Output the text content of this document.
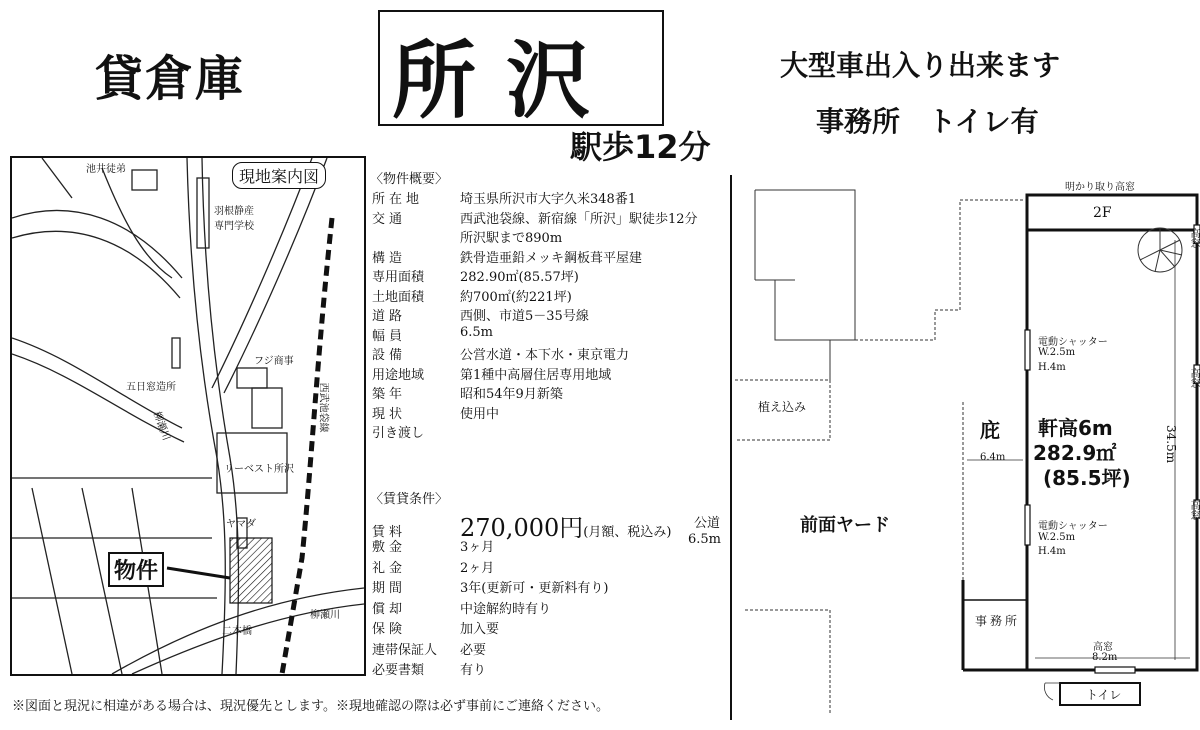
貸倉庫 所沢
駅歩12分
大型車出入り出来ます
事務所　トイレ有
現地案内図
池井徒弟
羽根静産
専門学校
フジ商事
五日窓造所
柳瀬川	西武池袋線
リーベスト所沢
ヤマダ
二本橋
柳瀬川
物件
〈物件概要〉
所在地	埼玉県所沢市大字久米348番1
交通	西武池袋線、新宿線「所沢」駅徒歩12分
所沢駅まで890m
構造	鉄骨造亜鉛メッキ鋼板葺平屋建
専用面積	282.90㎡(85.57坪)
土地面積	約700㎡(約221坪)
道路	西側、市道5－35号線
幅員	6.5m
設備	公営水道・本下水・東京電力
用途地域	第1種中高層住居専用地域
築年	昭和54年9月新築
現状	使用中
引き渡し
〈賃貸条件〉
賃料	270,000円 (月額、税込み)
敷金	3ヶ月
礼金	2ヶ月
期間	3年(更新可・更新料有り)
償却	中途解約時有り
保険	加入要
連帯保証人	必要
必要書類	有り
公道
6.5m
明かり取り高窓
2F
高窓
高窓
高窓
電動シャッター
W.2.5m
H.4m
電動シャッター
W.2.5m
H.4m
植え込み
庇
6.4m
軒高6m
282.9㎡
(85.5坪)
34.5m
前面ヤード
事務所
高窓
8.2m
トイレ
※図面と現況に相違がある場合は、現況優先とします。※現地確認の際は必ず事前にご連絡ください。
